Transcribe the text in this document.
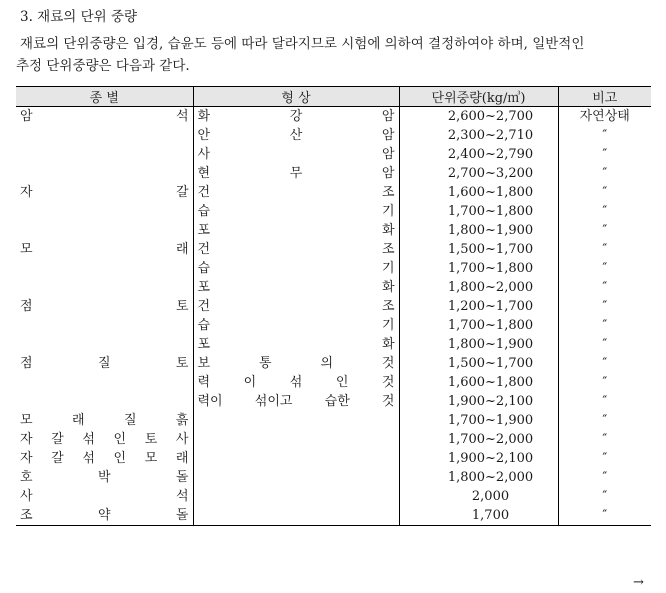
3. 재료의 단위 중량
재료의 단위중량은 입경, 습윤도 등에 따라 달라지므로 시험에 의하여 결정하여야 하며, 일반적인
추정 단위중량은 다음과 같다.
종 별	형 상	단위중량(kg/㎥)	비고
암 석	화 강 암	2,600~2,700	자연상태
	안 산 암	2,300~2,710	″
	사 암	2,400~2,790	″
	현 무 암	2,700~3,200	″
자 갈	건 조	1,600~1,800	″
	습 기	1,700~1,800	″
	포 화	1,800~1,900	″
모 래	건 조	1,500~1,700	″
	습 기	1,700~1,800	″
	포 화	1,800~2,000	″
점 토	건 조	1,200~1,700	″
	습 기	1,700~1,800	″
	포 화	1,800~1,900	″
점 질 토	보 통 의 것	1,500~1,700	″
	력 이 섞 인 것	1,600~1,800	″
	력이 섞이고 습한 것	1,900~2,100	″
모 래 질 흙		1,700~1,900	″
자 갈 섞 인 토 사		1,700~2,000	″
자 갈 섞 인 모 래		1,900~2,100	″
호 박 돌		1,800~2,000	″
사 석		2,000	″
조 약 돌		1,700	″
→
